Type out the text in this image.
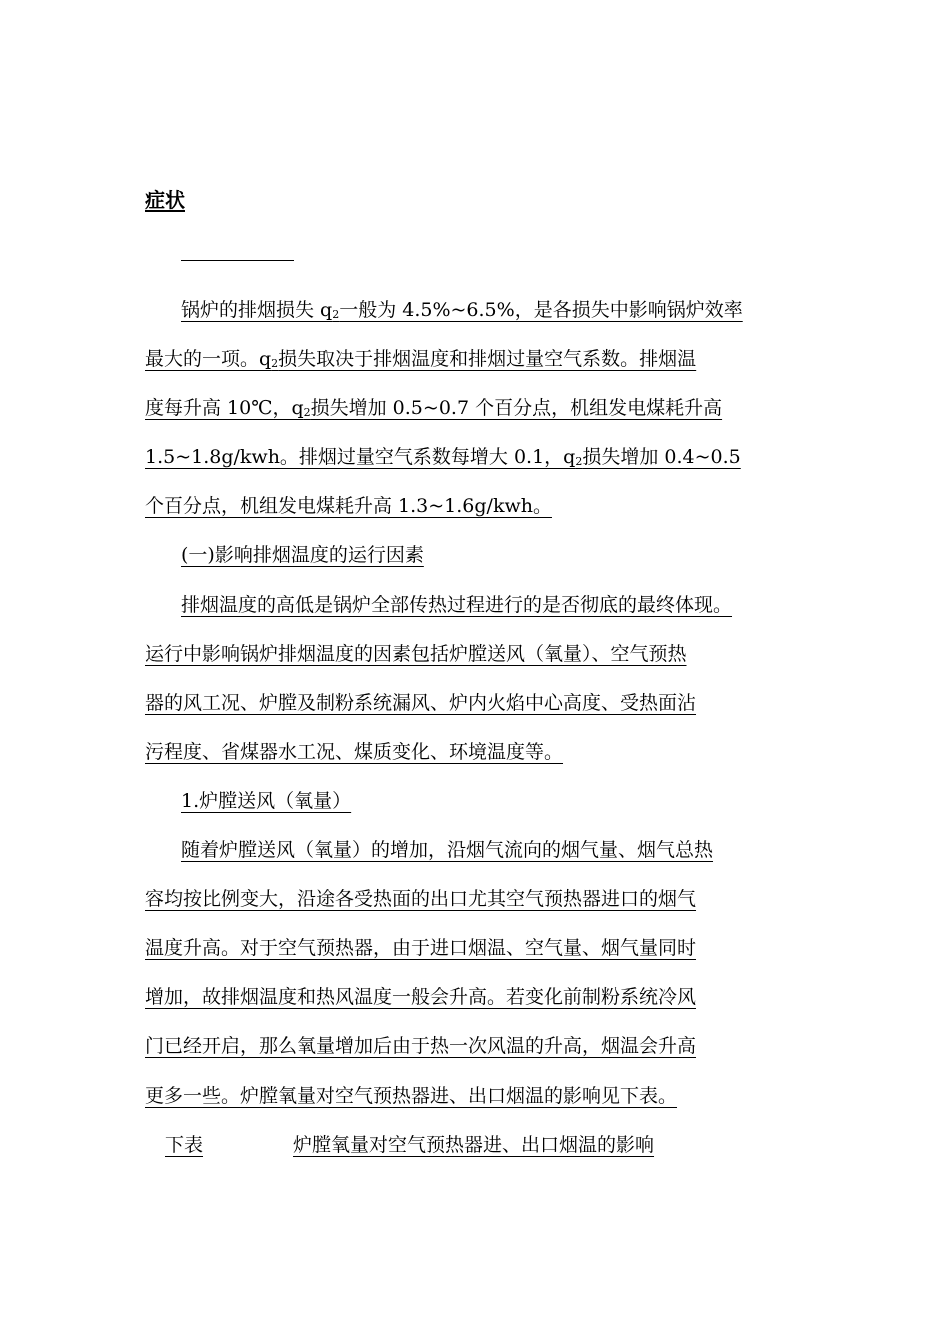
症状
锅炉的排烟损失 $q_2$一般为 4.5%~6.5%，是各损失中影响锅炉效率
最大的一项。$q_2$损失取决于排烟温度和排烟过量空气系数。排烟温
度每升高 10℃，$q_2$损失增加 0.5~0.7 个百分点，机组发电煤耗升高
1.5~1.8g/kwh。排烟过量空气系数每增大 0.1，$q_2$损失增加 0.4~0.5
个百分点，机组发电煤耗升高 1.3~1.6g/kwh。
(一)影响排烟温度的运行因素
排烟温度的高低是锅炉全部传热过程进行的是否彻底的最终体现。
运行中影响锅炉排烟温度的因素包括炉膛送风（氧量）、空气预热
器的风工况、炉膛及制粉系统漏风、炉内火焰中心高度、受热面沾
污程度、省煤器水工况、煤质变化、环境温度等。
1.炉膛送风（氧量）
随着炉膛送风（氧量）的增加，沿烟气流向的烟气量、烟气总热
容均按比例变大，沿途各受热面的出口尤其空气预热器进口的烟气
温度升高。对于空气预热器，由于进口烟温、空气量、烟气量同时
增加，故排烟温度和热风温度一般会升高。若变化前制粉系统冷风
门已经开启，那么氧量增加后由于热一次风温的升高，烟温会升高
更多一些。炉膛氧量对空气预热器进、出口烟温的影响见下表。
下表	炉膛氧量对空气预热器进、出口烟温的影响
